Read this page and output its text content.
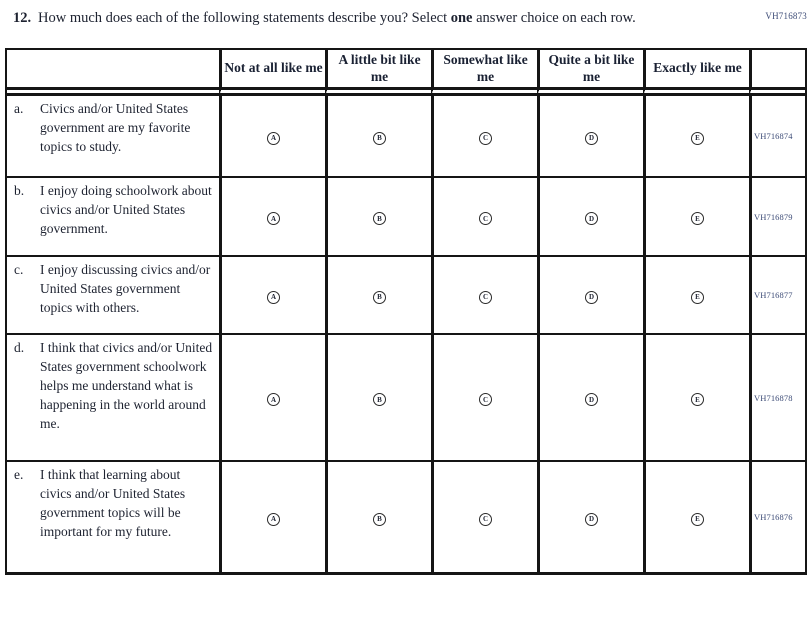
VH716873
12. How much does each of the following statements describe you? Select one answer choice on each row.
	Not at all like me	A little bit like me	Somewhat like me	Quite a bit like me	Exactly like me	

a. Civics and/or United States government are my favorite topics to study.	A	B	C	D	E	VH716874

b. I enjoy doing schoolwork about civics and/or United States government.	A	B	C	D	E	VH716879

c. I enjoy discussing civics and/or United States government topics with others.	A	B	C	D	E	VH716877

d. I think that civics and/or United States government schoolwork helps me understand what is happening in the world around me.	A	B	C	D	E	VH716878

e. I think that learning about civics and/or United States government topics will be important for my future.	A	B	C	D	E	VH716876
